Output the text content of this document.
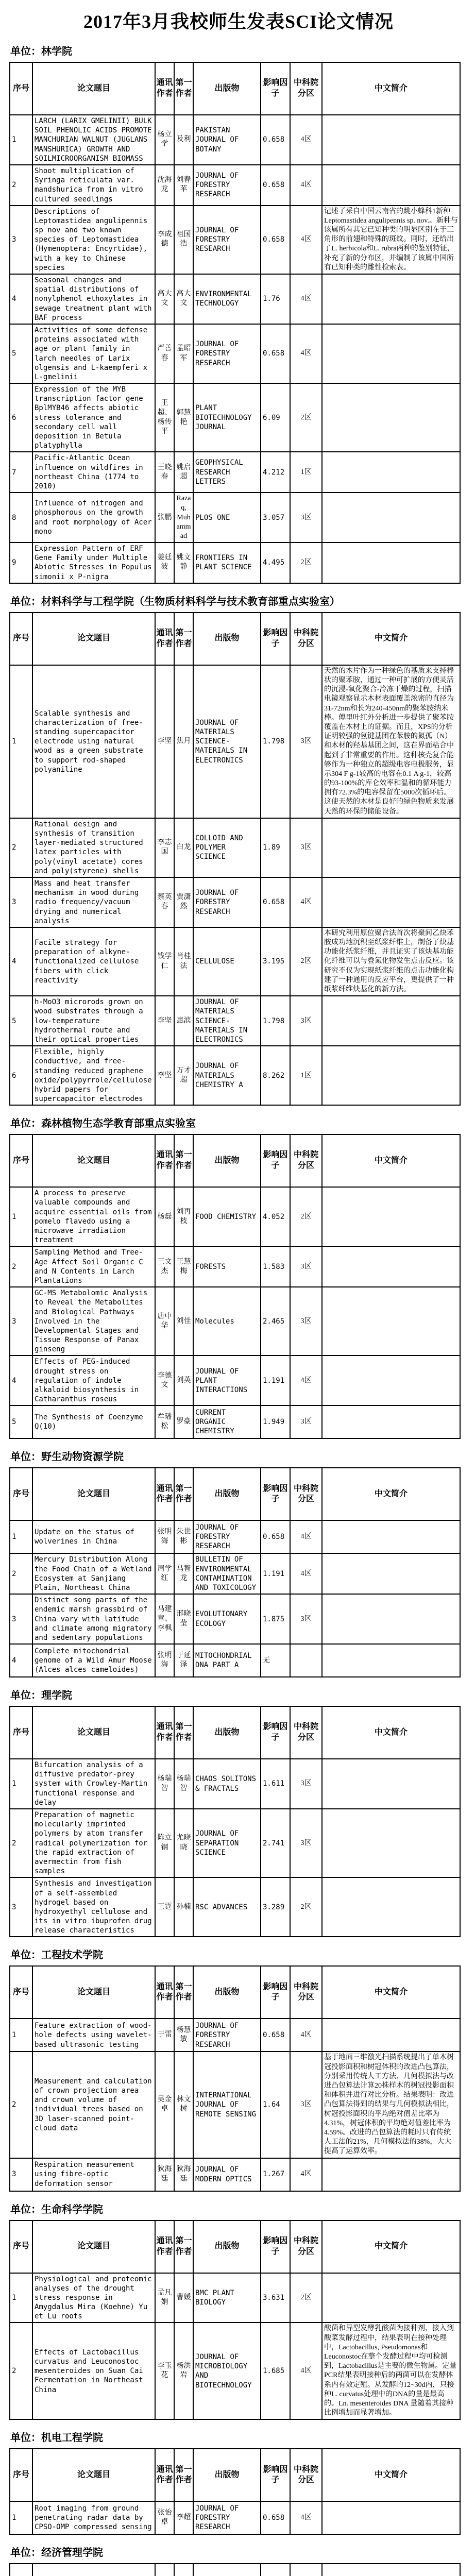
2017年3月我校师生发表SCI论文情况
单位：林学院
序号	论文题目	通讯作者	第一作者	出版物	影响因子	中科院分区	中文简介
1	LARCH (LARIX GMELINII) BULK SOIL PHENOLIC ACIDS PROMOTE MANCHURIAN WALNUT (JUGLANS MANSHURICA) GROWTH AND SOILMICROORGANISM BIOMASS	杨立学	及利	PAKISTAN JOURNAL OF BOTANY	0.658	4区	
2	Shoot multiplication of Syringa reticulata var. mandshurica from in vitro cultured seedlings	沈海龙	刘春苹	JOURNAL OF FORESTRY RESEARCH	0.658	4区	
3	Descriptions of Leptomastidea angulipennis sp nov and two known species of Leptomastidea (Hymenoptera: Encyrtidae), with a key to Chinese species	李成德	祖国浩	JOURNAL OF FORESTRY RESEARCH	0.658	4区	记述了采自中国云南省的跳小蜂科1新种Leptomastidea angulipennis sp. nov.。新种与该属所有其它已知种类的明显区别在于三角形的前翅和特殊的斑纹。同时，还给出了L. herbicola和L. rubra两种的鉴别特征，补充了新的分布区，并编制了该属中国所有已知种类的雌性检索表。
4	Seasonal changes and spatial distributions of nonylphenol ethoxylates in sewage treatment plant with BAF process	高大文	高大文	ENVIRONMENTAL TECHNOLOGY	1.76	4区	
5	Activities of some defense proteins associated with age or plant family in larch needles of Larix olgensis and L-kaempferi x L-gmelinii	严善春	孟昭军	JOURNAL OF FORESTRY RESEARCH	0.658	4区	
6	Expression of the MYB transcription factor gene BplMYB46 affects abiotic stress tolerance and secondary cell wall deposition in Betula platyphylla	王超、杨传平	郭慧艳	PLANT BIOTECHNOLOGY JOURNAL	6.09	2区	
7	Pacific-Atlantic Ocean influence on wildfires in northeast China (1774 to 2010)	王晓春	姚启超	GEOPHYSICAL RESEARCH LETTERS	4.212	1区	
8	Influence of nitrogen and phosphorous on the growth and root morphology of Acer mono	张鹏	Razaq, Muhammad	PLOS ONE	3.057	3区	
9	Expression Pattern of ERF Gene Family under Multiple Abiotic Stresses in Populus simonii x P-nigra	姜廷波	姚文静	FRONTIERS IN PLANT SCIENCE	4.495	2区	
单位：材料科学与工程学院（生物质材料科学与技术教育部重点实验室）
序号	论文题目	通讯作者	第一作者	出版物	影响因子	中科院分区	中文简介
1	Scalable synthesis and characterization of free-standing supercapacitor electrode using natural wood as a green substrate to support rod-shaped polyaniline	李坚	焦月	JOURNAL OF MATERIALS SCIENCE-MATERIALS IN ELECTRONICS	1.798	3区	天然的木片作为一种绿色的基质来支持棒状的聚苯胺，通过一种可扩展的方便灵活的沉浸-氧化聚合-冷冻干燥的过程，扫描电镜观察显示木材表面覆盖浓密的直径为31-72nm和长为240-450nm的聚苯胺纳米棒。傅里叶红外分析进一步提供了聚苯胺覆盖在木材上的证据。而且，XPS的分析证明较强的氢键基团在苯胺的氮孤（N）和木材的羟基基团之间，这在界面粘合中起到了非常重要的作用。这种核壳复合能够作为一种独立的超级电容电极服务，显示304 F g-1较高的电容在0.1 A g-1，较高的93-100%的库仑效率和温和的循环能力拥有72.3%的电容保留在5000次循环后。这使天然的木材是良好的绿色物质来发展天然的环保的储能设备。
2	Rational design and synthesis of transition layer-mediated structured latex particles with poly(vinyl acetate) cores and poly(styrene) shells	李志国	白龙	COLLOID AND POLYMER SCIENCE	1.89	3区	
3	Mass and heat transfer mechanism in wood during radio frequency/vacuum drying and numerical analysis	蔡英春	贾潇然	JOURNAL OF FORESTRY RESEARCH	0.658	4区	
4	Facile strategy for preparation of alkyne-functionalized cellulose fibers with click reactivity	钱学仁	肖桂法	CELLULOSE	3.195	2区	本研究利用原位聚合法首次将聚间乙炔苯胺成功地沉积至纸浆纤维上，制备了炔基功能化纸浆纤维，并且证实了该炔基功能化纤维可以与叠氮化物发生点击反应。该研究不仅为实现纸浆纤维的点击功能化构建了一种通用的反应平台，更提供了一种纸浆纤维炔基化的新方法。
5	h-MoO3 microrods grown on wood substrates through a low-temperature hydrothermal route and their optical properties	李坚	惠滨	JOURNAL OF MATERIALS SCIENCE-MATERIALS IN ELECTRONICS	1.798	3区	
6	Flexible, highly conductive, and free-standing reduced graphene oxide/polypyrrole/cellulose hybrid papers for supercapacitor electrodes	李坚	万才超	JOURNAL OF MATERIALS CHEMISTRY A	8.262	1区	
单位：森林植物生态学教育部重点实验室
序号	论文题目	通讯作者	第一作者	出版物	影响因子	中科院分区	中文简介
1	A process to preserve valuable compounds and acquire essential oils from pomelo flavedo using a microwave irradiation treatment	杨磊	刘再枝	FOOD CHEMISTRY	4.052	2区	
2	Sampling Method and Tree-Age Affect Soil Organic C and N Contents in Larch Plantations	王文杰	王慧梅	FORESTS	1.583	3区	
3	GC-MS Metabolomic Analysis to Reveal the Metabolites and Biological Pathways Involved in the Developmental Stages and Tissue Response of Panax ginseng	唐中华	刘佳	Molecules	2.465	3区	
4	Effects of PEG-induced drought stress on regulation of indole alkaloid biosynthesis in Catharanthus roseus	李德文	刘英	JOURNAL OF PLANT INTERACTIONS	1.191	4区	
5	The Synthesis of Coenzyme Q(10)	牟璠松	罗豪	CURRENT ORGANIC CHEMISTRY	1.949	3区	
单位：野生动物资源学院
序号	论文题目	通讯作者	第一作者	出版物	影响因子	中科院分区	中文简介
1	Update on the status of wolverines in China	张明海	朱世彬	JOURNAL OF FORESTRY RESEARCH	0.658	4区	
2	Mercury Distribution Along the Food Chain of a Wetland Ecosystem at Sanjiang Plain, Northeast China	周学红	马智龙	BULLETIN OF ENVIRONMENTAL CONTAMINATION AND TOXICOLOGY	1.191	4区	
3	Distinct song parts of the endemic marsh grassbird of China vary with latitude and climate among migratory and sedentary populations	马建章、李枫	邢晓莹	EVOLUTIONARY ECOLOGY	1.875	3区	
4	Complete mitochondrial genome of a Wild Amur Moose (Alces alces cameloides)	张明海	于延泽	MITOCHONDRIAL DNA PART A	无		
单位：理学院
序号	论文题目	通讯作者	第一作者	出版物	影响因子	中科院分区	中文简介
1	Bifurcation analysis of a diffusive predator-prey system with Crowley-Martin functional response and delay	杨瑞智	杨瑞智	CHAOS SOLITONS & FRACTALS	1.611	3区	
2	Preparation of magnetic molecularly imprinted polymers by atom transfer radical polymerization for the rapid extraction of avermectin from fish samples	陈立钢	尤晓晓	JOURNAL OF SEPARATION SCIENCE	2.741	3区	
3	Synthesis and investigation of a self-assembled hydrogel based on hydroxyethyl cellulose and its in vitro ibuprofen drug release characteristics	王霆	孙楠	RSC ADVANCES	3.289	2区	
单位：工程技术学院
序号	论文题目	通讯作者	第一作者	出版物	影响因子	中科院分区	中文简介
1	Feature extraction of wood-hole defects using wavelet-based ultrasonic testing	于雷	杨慧敏	JOURNAL OF FORESTRY RESEARCH	0.658	4区	
2	Measurement and calculation of crown projection area and crown volume of individual trees based on 3D laser-scanned point-cloud data	吴金卓	林文树	INTERNATIONAL JOURNAL OF REMOTE SENSING	1.64	3区	基于地面三维激光扫描系统提出了单木树冠投影面积和树冠体积的改进凸包算法，分别采用传统人工方法、几何模拟法与改进凸包算法计算20株样木的树冠投影面积和体积并进行对比分析。结果表明：改进凸包算法得到的结果与几何模拟法相比，树冠投影面积的平均绝对值差比率为4.31%，树冠体积的平均绝对值差比率为4.59%。改进的凸包算法的耗时只有传统人工法的21%，几何模拟法的38%，大大提高了运算效率。
3	Respiration measurement using fibre-optic deformation sensor	狄海廷	狄海廷	JOURNAL OF MODERN OPTICS	1.267	4区	
单位：生命科学学院
序号	论文题目	通讯作者	第一作者	出版物	影响因子	中科院分区	中文简介
1	Physiological and proteomic analyses of the drought stress response in Amygdalus Mira (Koehne) Yu et Lu roots	孟凡娟	曹媛	BMC PLANT BIOLOGY	3.631	2区	
2	Effects of Lactobacillus curvatus and Leuconostoc mesenteroides on Suan Cai Fermentation in Northeast China	李玉花	杨洪岩	JOURNAL OF MICROBIOLOGY AND BIOTECHNOLOGY	1.685	4区	酸菌和异型发酵乳酸菌为接种剂，接入到酸菜发酵过程中，结果表明在接种处理中，Lactobacillus, Pseudomonas和Leuconostoc在整个发酵过程中均可检测到，Lactobacillus是主要的微生物属。定量PCR结果表明接种后的两菌可以在发酵体系内有效定殖。从发酵的12~30d内，只接种L. curvatus处理中的DNA的量是最高的。Ln. mesenteroides DNA 量随着其接种比例增加而显著增加。
单位：机电工程学院
序号	论文题目	通讯作者	第一作者	出版物	影响因子	中科院分区	中文简介
1	Root imaging from ground penetrating radar data by CPSO-OMP compressed sensing	张怡卓	李超	JOURNAL OF FORESTRY RESEARCH	0.658	4区	
单位：经济管理学院
